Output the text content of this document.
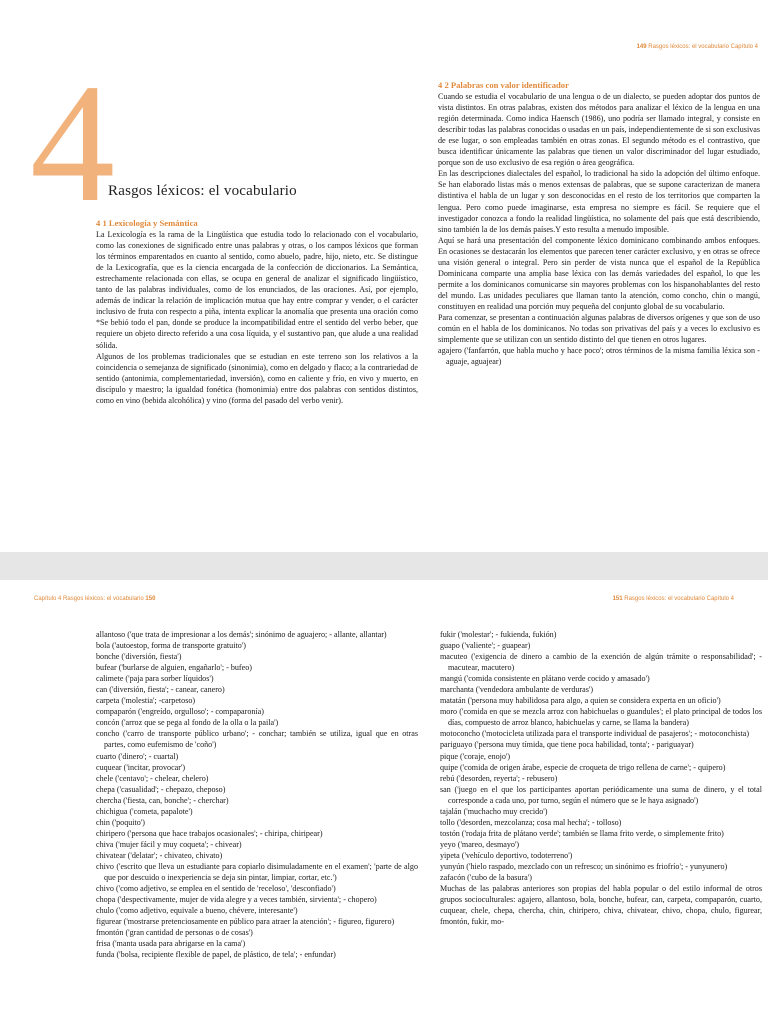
149 Rasgos léxicos: el vocabulario Capítulo 4
4
Rasgos léxicos: el vocabulario

4 1 Lexicología y Semántica

La Lexicología es la rama de la Lingüística que estudia todo lo relacionado con el vocabulario, como las conexiones de significado entre unas palabras y otras, o los campos léxicos que forman los términos emparentados en cuanto al sentido, como abuelo, padre, hijo, nieto, etc. Se distingue de la Lexicografía, que es la ciencia encargada de la confección de diccionarios. La Semántica, estrechamente relacionada con ellas, se ocupa en general de analizar el significado lingüístico, tanto de las palabras individuales, como de los enunciados, de las oraciones. Así, por ejemplo, además de indicar la relación de implicación mutua que hay entre comprar y vender, o el carácter inclusivo de fruta con respecto a piña, intenta explicar la anomalía que presenta una oración como *Se bebió todo el pan, donde se produce la incompatibilidad entre el sentido del verbo beber, que requiere un objeto directo referido a una cosa líquida, y el sustantivo pan, que alude a una realidad sólida.

Algunos de los problemas tradicionales que se estudian en este terreno son los relativos a la coincidencia o semejanza de significado (sinonimia), como en delgado y flaco; a la contrariedad de sentido (antonimia, complementariedad, inversión), como en caliente y frío, en vivo y muerto, en discípulo y maestro; la igualdad fonética (homonimia) entre dos palabras con sentidos distintos, como en vino (bebida alcohólica) y vino (forma del pasado del verbo venir).

4 2 Palabras con valor identificador

Cuando se estudia el vocabulario de una lengua o de un dialecto, se pueden adoptar dos puntos de vista distintos. En otras palabras, existen dos métodos para analizar el léxico de la lengua en una región determinada. Como indica Haensch (1986), uno podría ser llamado integral, y consiste en describir todas las palabras conocidas o usadas en un país, independientemente de si son exclusivas de ese lugar, o son empleadas también en otras zonas. El segundo método es el contrastivo, que busca identificar únicamente las palabras que tienen un valor discriminador del lugar estudiado, porque son de uso exclusivo de esa región o área geográfica.

En las descripciones dialectales del español, lo tradicional ha sido la adopción del último enfoque. Se han elaborado listas más o menos extensas de palabras, que se supone caracterizan de manera distintiva el habla de un lugar y son desconocidas en el resto de los territorios que comparten la lengua. Pero como puede imaginarse, esta empresa no siempre es fácil. Se requiere que el investigador conozca a fondo la realidad lingüística, no solamente del país que está describiendo, sino también la de los demás países.Y esto resulta a menudo imposible.

Aquí se hará una presentación del componente léxico dominicano combinando ambos enfoques. En ocasiones se destacarán los elementos que parecen tener carácter exclusivo, y en otras se ofrece una visión general o integral. Pero sin perder de vista nunca que el español de la República Dominicana comparte una amplia base léxica con las demás variedades del español, lo que les permite a los dominicanos comunicarse sin mayores problemas con los hispanohablantes del resto del mundo. Las unidades peculiares que llaman tanto la atención, como concho, chin o mangú, constituyen en realidad una porción muy pequeña del conjunto global de su vocabulario.

Para comenzar, se presentan a continuación algunas palabras de diversos orígenes y que son de uso común en el habla de los dominicanos. No todas son privativas del país y a veces lo exclusivo es simplemente que se utilizan con un sentido distinto del que tienen en otros lugares.

agajero ('fanfarrón, que habla mucho y hace poco'; otros términos de la misma familia léxica son - aguaje, aguajear)

Capítulo 4 Rasgos léxicos: el vocabulario 150	151 Rasgos léxicos: el vocabulario Capítulo 4

allantoso ('que trata de impresionar a los demás'; sinónimo de aguajero; - allante, allantar)

bola ('autoestop, forma de transporte gratuito')

bonche ('diversión, fiesta')

bufear ('burlarse de alguien, engañarlo'; - bufeo)

calimete ('paja para sorber líquidos')

can ('diversión, fiesta'; - canear, canero)

carpeta ('molestia'; -carpetoso)

compaparón ('engreído, orgulloso'; - compaparonía)

concón ('arroz que se pega al fondo de la olla o la paila')

concho ('carro de transporte público urbano'; - conchar; también se utiliza, igual que en otras partes, como eufemismo de 'coño')

cuarto ('dinero'; - cuartal)

cuquear ('incitar, provocar')

chele ('centavo'; - chelear, chelero)

chepa ('casualidad'; - chepazo, cheposo)

chercha ('fiesta, can, bonche'; - cherchar)

chichigua ('cometa, papalote')

chin ('poquito')

chiripero ('persona que hace trabajos ocasionales'; - chiripa, chiripear)

chiva ('mujer fácil y muy coqueta'; - chivear)

chivatear ('delatar'; - chivateo, chivato)

chivo ('escrito que lleva un estudiante para copiarlo disimuladamente en el examen'; 'parte de algo que por descuido o inexperiencia se deja sin pintar, limpiar, cortar, etc.')

chivo ('como adjetivo, se emplea en el sentido de 'receloso', 'desconfiado')

chopa ('despectivamente, mujer de vida alegre y a veces también, sirvienta'; - chopero)

chulo ('como adjetivo, equivale a bueno, chévere, interesante')

figurear ('mostrarse pretenciosamente en público para atraer la atención'; - figureo, figurero)

fmontón ('gran cantidad de personas o de cosas')

frisa ('manta usada para abrigarse en la cama')

funda ('bolsa, recipiente flexible de papel, de plástico, de tela'; - enfundar)

fukir ('molestar'; - fukienda, fukión)

guapo ('valiente'; - guapear)

macuteo ('exigencia de dinero a cambio de la exención de algún trámite o responsabilidad'; - macutear, macutero)

mangú ('comida consistente en plátano verde cocido y amasado')

marchanta ('vendedora ambulante de verduras')

matatán ('persona muy habilidosa para algo, a quien se considera experta en un oficio')

moro ('comida en que se mezcla arroz con habichuelas o guandules'; el plato principal de todos los días, compuesto de arroz blanco, habichuelas y carne, se llama la bandera)

motoconcho ('motocicleta utilizada para el transporte individual de pasajeros'; - motoconchista)

pariguayo ('persona muy tímida, que tiene poca habilidad, tonta'; - pariguayar)

pique ('coraje, enojo')

quipe ('comida de origen árabe, especie de croqueta de trigo rellena de carne'; - quipero)

rebú ('desorden, reyerta'; - rebusero)

san ('juego en el que los participantes aportan periódicamente una suma de dinero, y el total corresponde a cada uno, por turno, según el número que se le haya asignado')

tajalán ('muchacho muy crecido')

tollo ('desorden, mezcolanza; cosa mal hecha'; - tolloso)

tostón ('rodaja frita de plátano verde'; también se llama frito verde, o simplemente frito)

yeyo ('mareo, desmayo')

yipeta ('vehículo deportivo, todoterreno')

yunyún ('hielo raspado, mezclado con un refresco; un sinónimo es friofrío'; - yunyunero)

zafacón ('cubo de la basura')

Muchas de las palabras anteriores son propias del habla popular o del estilo informal de otros grupos socioculturales: agajero, allantoso, bola, bonche, bufear, can, carpeta, compaparón, cuarto, cuquear, chele, chepa, chercha, chin, chiripero, chiva, chivatear, chivo, chopa, chulo, figurear, fmontón, fukir, mo-
